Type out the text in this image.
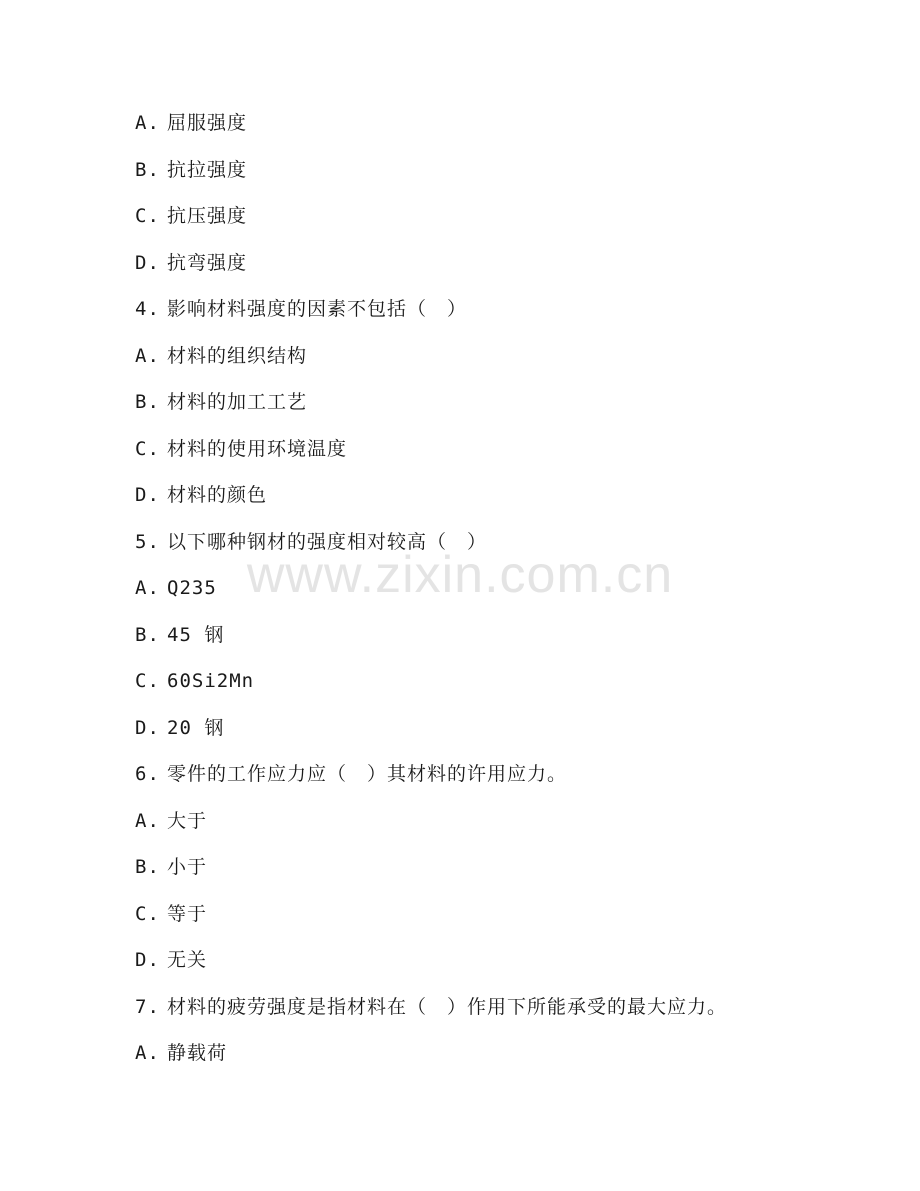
A. 屈服强度
B. 抗拉强度
C. 抗压强度
D. 抗弯强度
4. 影响材料强度的因素不包括（　）
A. 材料的组织结构
B. 材料的加工工艺
C. 材料的使用环境温度
D. 材料的颜色
5. 以下哪种钢材的强度相对较高（　）
A. Q235
B. 45 钢
C. 60Si2Mn
D. 20 钢
6. 零件的工作应力应（　）其材料的许用应力。
A. 大于
B. 小于
C. 等于
D. 无关
7. 材料的疲劳强度是指材料在（　）作用下所能承受的最大应力。
A. 静载荷
www.zixin.com.cn
